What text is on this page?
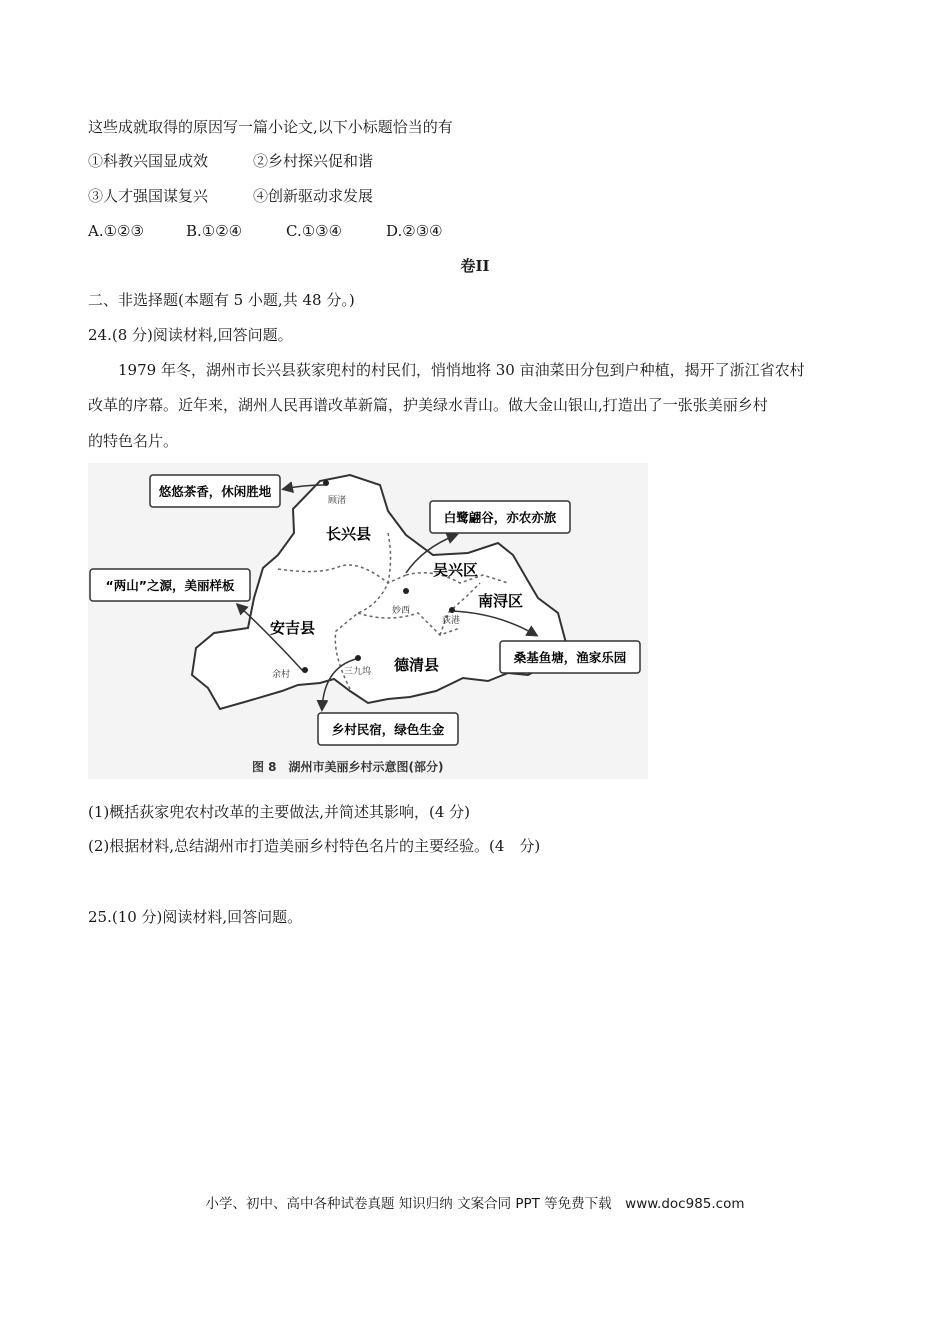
这些成就取得的原因写一篇小论文,以下小标题恰当的有
①科教兴国显成效	②乡村探兴促和谐
③人才强国谋复兴	④创新驱动求发展
A.①②③	B.①②④	C.①③④	D.②③④
卷II
二、非选择题(本题有 5 小题,共 48 分。)
24.(8 分)阅读材料,回答问题。
1979 年冬，湖州市长兴县荻家兜村的村民们，悄悄地将 30 亩油菜田分包到户种植，揭开了浙江省农村
改革的序幕。近年来，湖州人民再谱改革新篇，护美绿水青山。做大金山银山,打造出了一张张美丽乡村
的特色名片。
悠悠茶香，休闲胜地
白鹭翩谷，亦农亦旅
“两山”之源，美丽样板
桑基鱼塘，渔家乐园
乡村民宿，绿色生金
顾渚
妙西
荻港
余村	三九坞
长兴县
吴兴区
南浔区
安吉县
德清县
图 8　湖州市美丽乡村示意图(部分)
(1)概括荻家兜农村改革的主要做法,并简述其影响，(4 分)
(2)根据材料,总结湖州市打造美丽乡村特色名片的主要经验。(4　分)
25.(10 分)阅读材料,回答问题。
小学、初中、高中各种试卷真题 知识归纳 文案合同 PPT 等免费下载　www.doc985.com
